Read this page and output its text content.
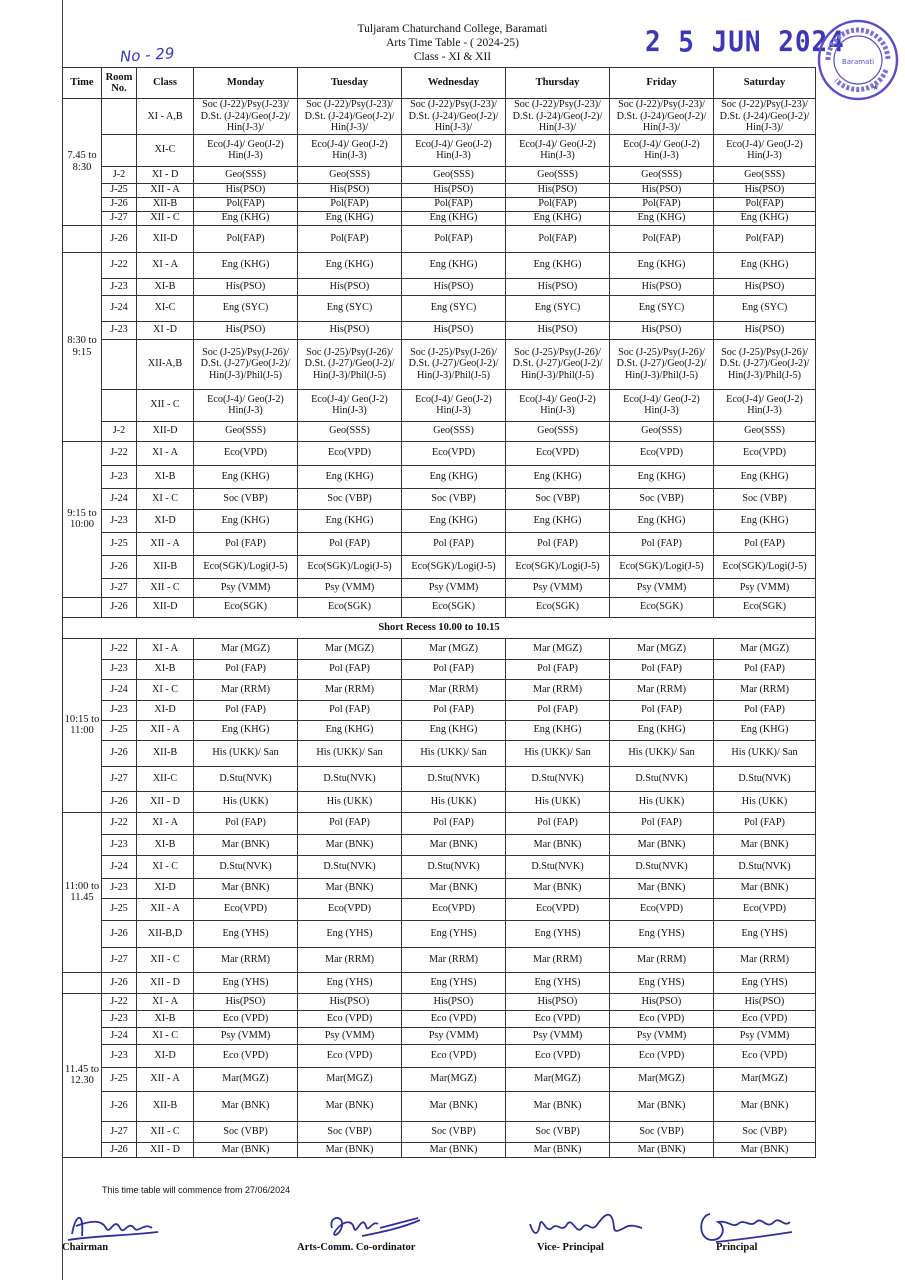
Tuljaram Chaturchand College, Baramati
Arts Time Table - ( 2024-25)
Class - XI & XII	2 5 JUN 2024
No - 29	Baramati
★
Time	Room No.	Class	Monday	Tuesday	Wednesday	Thursday	Friday	Saturday
7.45 to 8:30		XI - A,B	Soc (J-22)/Psy(J-23)/ D.St. (J-24)/Geo(J-2)/ Hin(J-3)/	Soc (J-22)/Psy(J-23)/ D.St. (J-24)/Geo(J-2)/ Hin(J-3)/	Soc (J-22)/Psy(J-23)/ D.St. (J-24)/Geo(J-2)/ Hin(J-3)/	Soc (J-22)/Psy(J-23)/ D.St. (J-24)/Geo(J-2)/ Hin(J-3)/	Soc (J-22)/Psy(J-23)/ D.St. (J-24)/Geo(J-2)/ Hin(J-3)/	Soc (J-22)/Psy(J-23)/ D.St. (J-24)/Geo(J-2)/ Hin(J-3)/
		XI-C	Eco(J-4)/ Geo(J-2) Hin(J-3)	Eco(J-4)/ Geo(J-2) Hin(J-3)	Eco(J-4)/ Geo(J-2) Hin(J-3)	Eco(J-4)/ Geo(J-2) Hin(J-3)	Eco(J-4)/ Geo(J-2) Hin(J-3)	Eco(J-4)/ Geo(J-2) Hin(J-3)
	J-2	XI - D	Geo(SSS)	Geo(SSS)	Geo(SSS)	Geo(SSS)	Geo(SSS)	Geo(SSS)
	J-25	XII - A	His(PSO)	His(PSO)	His(PSO)	His(PSO)	His(PSO)	His(PSO)
	J-26	XII-B	Pol(FAP)	Pol(FAP)	Pol(FAP)	Pol(FAP)	Pol(FAP)	Pol(FAP)
	J-27	XII - C	Eng (KHG)	Eng (KHG)	Eng (KHG)	Eng (KHG)	Eng (KHG)	Eng (KHG)
	J-26	XII-D	Pol(FAP)	Pol(FAP)	Pol(FAP)	Pol(FAP)	Pol(FAP)	Pol(FAP)
8:30 to 9:15	J-22	XI - A	Eng (KHG)	Eng (KHG)	Eng (KHG)	Eng (KHG)	Eng (KHG)	Eng (KHG)
	J-23	XI-B	His(PSO)	His(PSO)	His(PSO)	His(PSO)	His(PSO)	His(PSO)
	J-24	XI-C	Eng (SYC)	Eng (SYC)	Eng (SYC)	Eng (SYC)	Eng (SYC)	Eng (SYC)
	J-23	XI -D	His(PSO)	His(PSO)	His(PSO)	His(PSO)	His(PSO)	His(PSO)
		XII-A,B	Soc (J-25)/Psy(J-26)/ D.St. (J-27)/Geo(J-2)/ Hin(J-3)/Phil(J-5)	Soc (J-25)/Psy(J-26)/ D.St. (J-27)/Geo(J-2)/ Hin(J-3)/Phil(J-5)	Soc (J-25)/Psy(J-26)/ D.St. (J-27)/Geo(J-2)/ Hin(J-3)/Phil(J-5)	Soc (J-25)/Psy(J-26)/ D.St. (J-27)/Geo(J-2)/ Hin(J-3)/Phil(J-5)	Soc (J-25)/Psy(J-26)/ D.St. (J-27)/Geo(J-2)/ Hin(J-3)/Phil(J-5)	Soc (J-25)/Psy(J-26)/ D.St. (J-27)/Geo(J-2)/ Hin(J-3)/Phil(J-5)
		XII - C	Eco(J-4)/ Geo(J-2) Hin(J-3)	Eco(J-4)/ Geo(J-2) Hin(J-3)	Eco(J-4)/ Geo(J-2) Hin(J-3)	Eco(J-4)/ Geo(J-2) Hin(J-3)	Eco(J-4)/ Geo(J-2) Hin(J-3)	Eco(J-4)/ Geo(J-2) Hin(J-3)
	J-2	XII-D	Geo(SSS)	Geo(SSS)	Geo(SSS)	Geo(SSS)	Geo(SSS)	Geo(SSS)
9:15 to 10:00	J-22	XI - A	Eco(VPD)	Eco(VPD)	Eco(VPD)	Eco(VPD)	Eco(VPD)	Eco(VPD)
	J-23	XI-B	Eng (KHG)	Eng (KHG)	Eng (KHG)	Eng (KHG)	Eng (KHG)	Eng (KHG)
	J-24	XI - C	Soc (VBP)	Soc (VBP)	Soc (VBP)	Soc (VBP)	Soc (VBP)	Soc (VBP)
	J-23	XI-D	Eng (KHG)	Eng (KHG)	Eng (KHG)	Eng (KHG)	Eng (KHG)	Eng (KHG)
	J-25	XII - A	Pol (FAP)	Pol (FAP)	Pol (FAP)	Pol (FAP)	Pol (FAP)	Pol (FAP)
	J-26	XII-B	Eco(SGK)/Logi(J-5)	Eco(SGK)/Logi(J-5)	Eco(SGK)/Logi(J-5)	Eco(SGK)/Logi(J-5)	Eco(SGK)/Logi(J-5)	Eco(SGK)/Logi(J-5)
	J-27	XII - C	Psy (VMM)	Psy (VMM)	Psy (VMM)	Psy (VMM)	Psy (VMM)	Psy (VMM)
	J-26	XII-D	Eco(SGK)	Eco(SGK)	Eco(SGK)	Eco(SGK)	Eco(SGK)	Eco(SGK)
Short Recess 10.00 to 10.15								
10:15 to 11:00	J-22	XI - A	Mar (MGZ)	Mar (MGZ)	Mar (MGZ)	Mar (MGZ)	Mar (MGZ)	Mar (MGZ)
	J-23	XI-B	Pol (FAP)	Pol (FAP)	Pol (FAP)	Pol (FAP)	Pol (FAP)	Pol (FAP)
	J-24	XI - C	Mar (RRM)	Mar (RRM)	Mar (RRM)	Mar (RRM)	Mar (RRM)	Mar (RRM)
	J-23	XI-D	Pol (FAP)	Pol (FAP)	Pol (FAP)	Pol (FAP)	Pol (FAP)	Pol (FAP)
	J-25	XII - A	Eng (KHG)	Eng (KHG)	Eng (KHG)	Eng (KHG)	Eng (KHG)	Eng (KHG)
	J-26	XII-B	His (UKK)/ San	His (UKK)/ San	His (UKK)/ San	His (UKK)/ San	His (UKK)/ San	His (UKK)/ San
	J-27	XII-C	D.Stu(NVK)	D.Stu(NVK)	D.Stu(NVK)	D.Stu(NVK)	D.Stu(NVK)	D.Stu(NVK)
	J-26	XII - D	His (UKK)	His (UKK)	His (UKK)	His (UKK)	His (UKK)	His (UKK)
11:00 to 11.45	J-22	XI - A	Pol (FAP)	Pol (FAP)	Pol (FAP)	Pol (FAP)	Pol (FAP)	Pol (FAP)
	J-23	XI-B	Mar (BNK)	Mar (BNK)	Mar (BNK)	Mar (BNK)	Mar (BNK)	Mar (BNK)
	J-24	XI - C	D.Stu(NVK)	D.Stu(NVK)	D.Stu(NVK)	D.Stu(NVK)	D.Stu(NVK)	D.Stu(NVK)
	J-23	XI-D	Mar (BNK)	Mar (BNK)	Mar (BNK)	Mar (BNK)	Mar (BNK)	Mar (BNK)
	J-25	XII - A	Eco(VPD)	Eco(VPD)	Eco(VPD)	Eco(VPD)	Eco(VPD)	Eco(VPD)
	J-26	XII-B,D	Eng (YHS)	Eng (YHS)	Eng (YHS)	Eng (YHS)	Eng (YHS)	Eng (YHS)
	J-27	XII - C	Mar (RRM)	Mar (RRM)	Mar (RRM)	Mar (RRM)	Mar (RRM)	Mar (RRM)
	J-26	XII - D	Eng (YHS)	Eng (YHS)	Eng (YHS)	Eng (YHS)	Eng (YHS)	Eng (YHS)
11.45 to 12.30	J-22	XI - A	His(PSO)	His(PSO)	His(PSO)	His(PSO)	His(PSO)	His(PSO)
	J-23	XI-B	Eco (VPD)	Eco (VPD)	Eco (VPD)	Eco (VPD)	Eco (VPD)	Eco (VPD)
	J-24	XI - C	Psy (VMM)	Psy (VMM)	Psy (VMM)	Psy (VMM)	Psy (VMM)	Psy (VMM)
	J-23	XI-D	Eco (VPD)	Eco (VPD)	Eco (VPD)	Eco (VPD)	Eco (VPD)	Eco (VPD)
	J-25	XII - A	Mar(MGZ)	Mar(MGZ)	Mar(MGZ)	Mar(MGZ)	Mar(MGZ)	Mar(MGZ)
	J-26	XII-B	Mar (BNK)	Mar (BNK)	Mar (BNK)	Mar (BNK)	Mar (BNK)	Mar (BNK)
	J-27	XII - C	Soc (VBP)	Soc (VBP)	Soc (VBP)	Soc (VBP)	Soc (VBP)	Soc (VBP)
	J-26	XII - D	Mar (BNK)	Mar (BNK)	Mar (BNK)	Mar (BNK)	Mar (BNK)	Mar (BNK)
This time table will commence from 27/06/2024
Chairman	Arts-Comm. Co-ordinator	Vice- Principal	Principal
